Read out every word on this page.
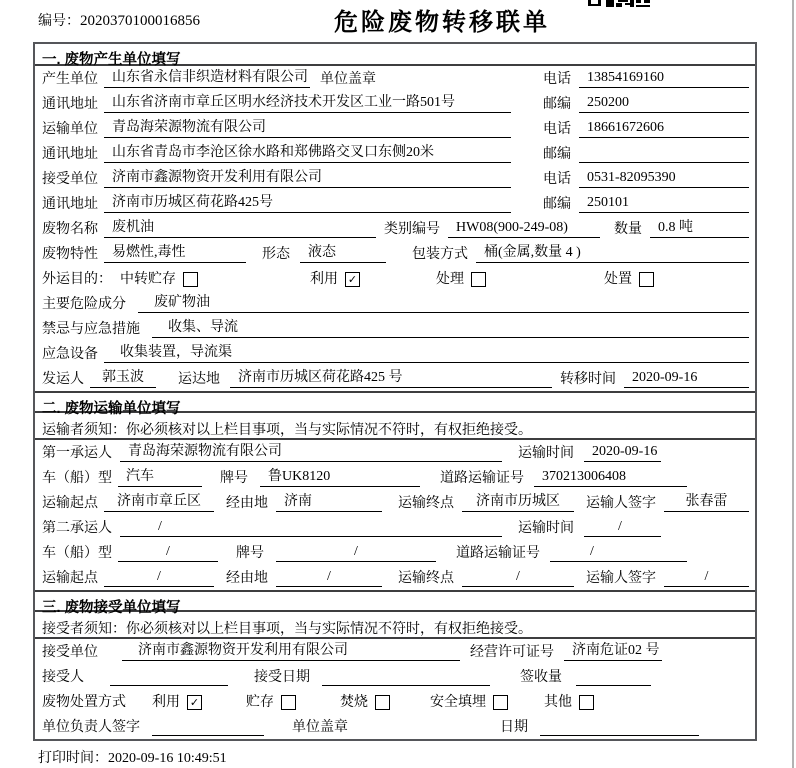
编号：2020370100016856	危险废物转移联单
一. 废物产生单位填写
产生单位	山东省永信非织造材料有限公司 单位盖章	电话	13854169160
通讯地址	山东省济南市章丘区明水经济技术开发区工业一路501号	邮编	250200
运输单位	青岛海荣源物流有限公司	电话	18661672606
通讯地址	山东省青岛市李沧区徐水路和郑佛路交叉口东侧20米	邮编
接受单位	济南市鑫源物资开发利用有限公司	电话	0531-82095390
通讯地址	济南市历城区荷花路425号	邮编	250101
废物名称	废机油	类别编号	HW08(900-249-08)	数量	0.8 吨
废物特性	易燃性,毒性	形态	液态	包装方式	桶(金属,数量 4 )
外运目的： 中转贮存	利用 ✓	处理	处置
主要危险成分	废矿物油
禁忌与应急措施	收集、导流
应急设备	收集装置，导流渠
发运人	郭玉波	运达地	济南市历城区荷花路425 号	转移时间	2020-09-16
二. 废物运输单位填写
运输者须知：你必须核对以上栏目事项，当与实际情况不符时，有权拒绝接受。
第一承运人	青岛海荣源物流有限公司	运输时间	2020-09-16
车（船）型	汽车	牌号	鲁UK8120	道路运输证号	370213006408
运输起点	济南市章丘区	经由地	济南	运输终点	济南市历城区	运输人签字	张春雷
第二承运人	/	运输时间	/
车（船）型	/	牌号	/	道路运输证号	/
运输起点	/	经由地	/	运输终点	/	运输人签字	/
三. 废物接受单位填写
接受者须知：你必须核对以上栏目事项，当与实际情况不符时，有权拒绝接受。
接受单位	济南市鑫源物资开发利用有限公司	经营许可证号	济南危证02 号
接受人	接受日期	签收量
废物处置方式 利用 ✓	贮存	焚烧	安全填埋	其他
单位负责人签字	单位盖章	日期
打印时间：2020-09-16 10:49:51
